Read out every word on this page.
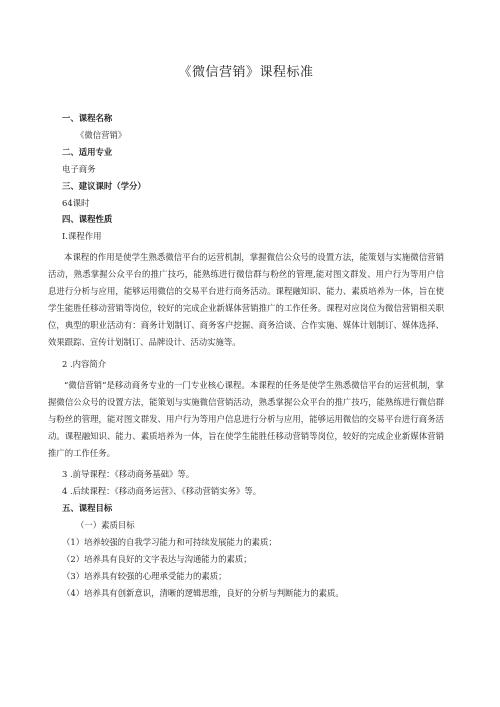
《微信营销》课程标准

一、课程名称

《微信营销》

二、适用专业

电子商务

三、建议课时（学分）

64课时

四、课程性质

I.课程作用

本课程的作用是使学生熟悉微信平台的运营机制，掌握微信公众号的设置方法，能策划与实施微信营销活动，熟悉掌握公众平台的推广技巧，能熟练进行微信群与粉丝的管理,能对图文群发、用户行为等用户信息进行分析与应用，能够运用微信的交易平台进行商务活动。课程融知识、能力、素质培养为一体，旨在使学生能胜任移动营销等岗位，较好的完成企业新媒体营销推广的工作任务。课程对应岗位为微信营销相关职位，典型的职业活动有：商务计划制订、商务客户挖掘、商务洽谈、合作实施、媒体计划制订、媒体选择、效果跟踪、宣传计划制订、品牌设计、活动实施等。

2 .内容简介

“微信营销”是移动商务专业的一门专业核心课程。本课程的任务是使学生熟悉微信平台的运营机制，掌握微信公众号的设置方法，能策划与实施微信营销活动，熟悉掌握公众平台的推广技巧，能熟练进行微信群与粉丝的管理，能对图文群发、用户行为等用户信息进行分析与应用，能够运用微信的交易平台进行商务活动。课程融知识、能力、素质培养为一体，旨在使学生能胜任移动营销等岗位，较好的完成企业新媒体营销推广的工作任务。

3 .前导课程：《移动商务基础》等。

4 .后续课程：《移动商务运营》、《移动营销实务》等。

五、课程目标

（一）素质目标

（1）培养较强的自我学习能力和可持续发展能力的素质；

（2）培养具有良好的文字表达与沟通能力的素质；

（3）培养具有较强的心理承受能力的素质；

（4）培养具有创新意识，清晰的逻辑思维，良好的分析与判断能力的素质。
